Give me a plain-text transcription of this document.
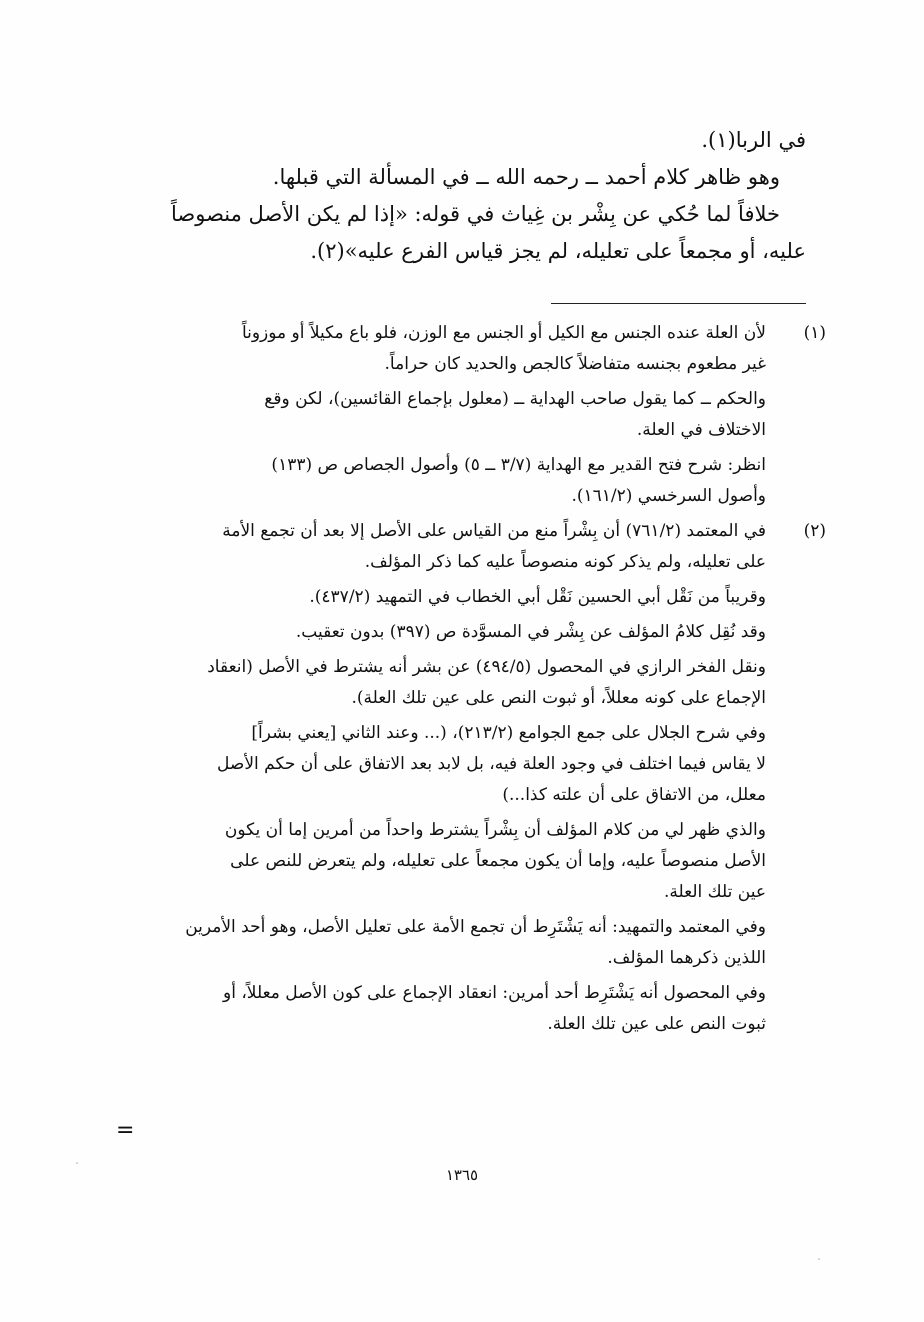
في الربا(١).
وهو ظاهر كلام أحمد ــ رحمه الله ــ في المسألة التي قبلها.
خلافاً لما حُكي عن بِشْر بن غِياث في قوله: «إذا لم يكن الأصل منصوصاً
عليه، أو مجمعاً على تعليله، لم يجز قياس الفرع عليه»(٢).
(١)
لأن العلة عنده الجنس مع الكيل أو الجنس مع الوزن، فلو باع مكيلاً أو موزوناً
غير مطعوم بجنسه متفاضلاً كالجص والحديد كان حراماً.
والحكم ــ كما يقول صاحب الهداية ــ (معلول بإجماع القائسين)، لكن وقع
الاختلاف في العلة.
انظر: شرح فتح القدير مع الهداية (٣/٧ ــ ٥) وأصول الجصاص ص (١٣٣)
وأصول السرخسي (١٦١/٢).
(٢)
في المعتمد (٧٦١/٢) أن بِشْراً منع من القياس على الأصل إلا بعد أن تجمع الأمة
على تعليله، ولم يذكر كونه منصوصاً عليه كما ذكر المؤلف.
وقريباً من نَقْل أبي الحسين نَقْل أبي الخطاب في التمهيد (٤٣٧/٢).
وقد نُقِل كلامُ المؤلف عن بِشْر في المسوَّدة ص (٣٩٧) بدون تعقيب.
ونقل الفخر الرازي في المحصول (٤٩٤/٥) عن بشر أنه يشترط في الأصل (انعقاد
الإجماع على كونه معللاً، أو ثبوت النص على عين تلك العلة).
وفي شرح الجلال على جمع الجوامع (٢١٣/٢)، (... وعند الثاني [يعني بشراً]
لا يقاس فيما اختلف في وجود العلة فيه، بل لابد بعد الاتفاق على أن حكم الأصل
معلل، من الاتفاق على أن علته كذا...)
والذي ظهر لي من كلام المؤلف أن بِشْراً يشترط واحداً من أمرين إما أن يكون
الأصل منصوصاً عليه، وإما أن يكون مجمعاً على تعليله، ولم يتعرض للنص على
عين تلك العلة.
وفي المعتمد والتمهيد: أنه يَشْتَرِط أن تجمع الأمة على تعليل الأصل، وهو أحد الأمرين
اللذين ذكرهما المؤلف.
وفي المحصول أنه يَشْتَرِط أحد أمرين: انعقاد الإجماع على كون الأصل معللاً، أو
ثبوت النص على عين تلك العلة.
=
١٣٦٥
